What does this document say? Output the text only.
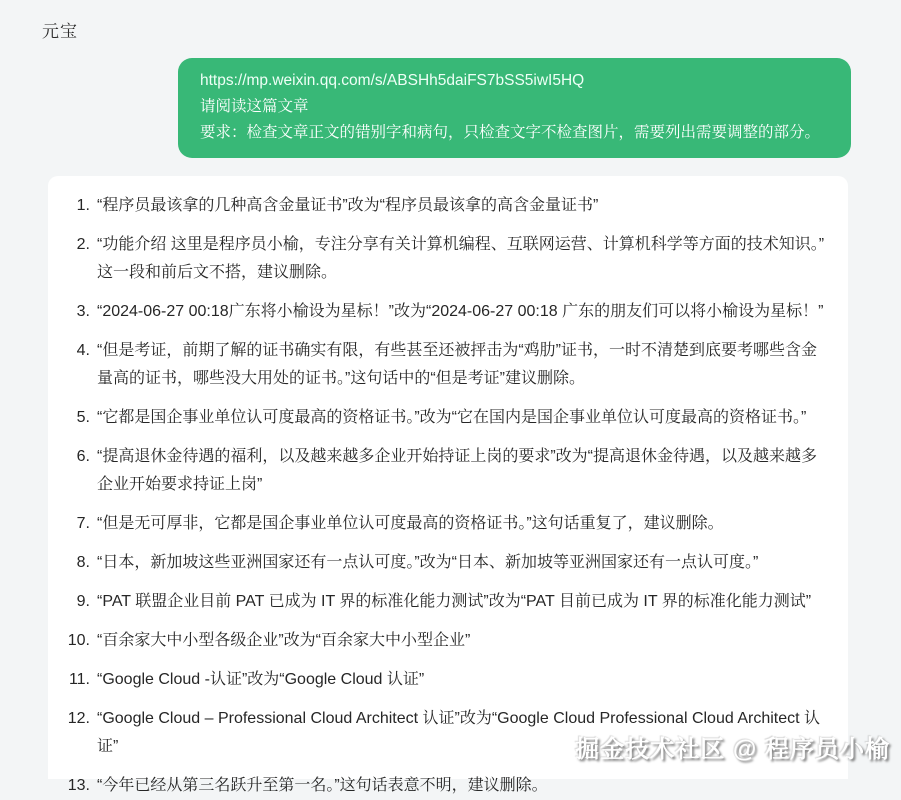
元宝
https://mp.weixin.qq.com/s/ABSHh5daiFS7bSS5iwI5HQ
请阅读这篇文章
要求：检查文章正文的错别字和病句，只检查文字不检查图片，需要列出需要调整的部分。
1. “程序员最该拿的几种高含金量证书”改为“程序员最该拿的高含金量证书”
2. “功能介绍 这里是程序员小榆，专注分享有关计算机编程、互联网运营、计算机科学等方面的技术知识。” 这一段和前后文不搭，建议删除。
3. “2024-06-27 00:18广东将小榆设为星标！”改为“2024-06-27 00:18 广东的朋友们可以将小榆设为星标！”
4. “但是考证，前期了解的证书确实有限，有些甚至还被抨击为“鸡肋”证书，一时不清楚到底要考哪些含金量高的证书，哪些没大用处的证书。”这句话中的“但是考证”建议删除。
5. “它都是国企事业单位认可度最高的资格证书。”改为“它在国内是国企事业单位认可度最高的资格证书。”
6. “提高退休金待遇的福利，以及越来越多企业开始持证上岗的要求”改为“提高退休金待遇，以及越来越多企业开始要求持证上岗”
7. “但是无可厚非，它都是国企事业单位认可度最高的资格证书。”这句话重复了，建议删除。
8. “日本，新加坡这些亚洲国家还有一点认可度。”改为“日本、新加坡等亚洲国家还有一点认可度。”
9. “PAT 联盟企业目前 PAT 已成为 IT 界的标准化能力测试”改为“PAT 目前已成为 IT 界的标准化能力测试”
10. “百余家大中小型各级企业”改为“百余家大中小型企业”
11. “Google Cloud -认证”改为“Google Cloud 认证”
12. “Google Cloud – Professional Cloud Architect 认证”改为“Google Cloud Professional Cloud Architect 认证”
13. “今年已经从第三名跃升至第一名。”这句话表意不明，建议删除。
掘金技术社区 @ 程序员小榆
